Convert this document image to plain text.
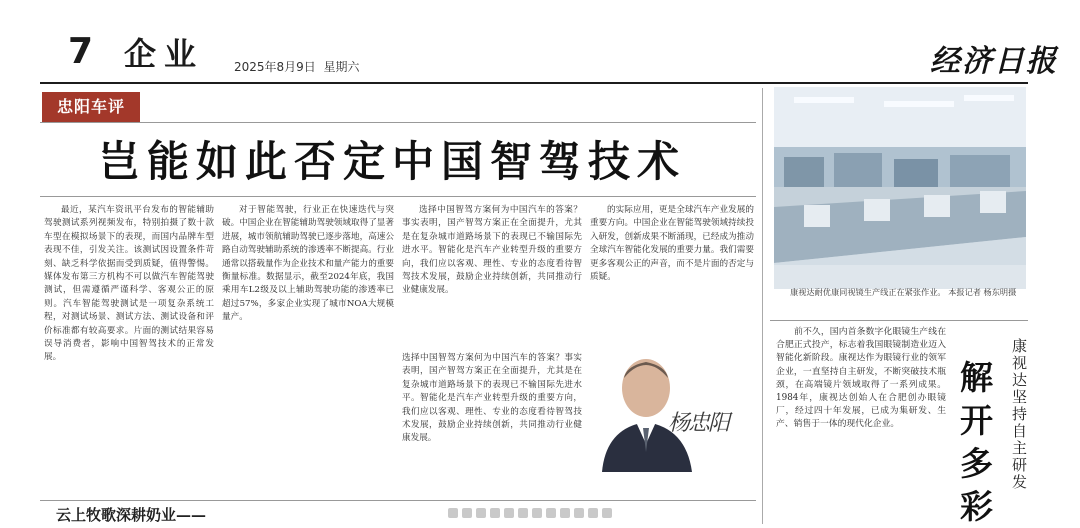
7 企业 2025年8月9日 星期六	经济日报
忠阳车评
岂能如此否定中国智驾技术
最近，某汽车资讯平台发布的智能辅助驾驶测试系列视频发布，特别拍摄了数十款车型在模拟场景下的表现，而国内品牌车型表现不佳，引发关注。该测试因设置条件苛刻、缺乏科学依据而受到质疑，值得警惕。媒体发布第三方机构不可以做汽车智能驾驶测试，但需遵循严谨科学、客观公正的原则。汽车智能驾驶测试是一项复杂系统工程，对测试场景、测试方法、测试设备和评价标准都有较高要求。片面的测试结果容易误导消费者，影响中国智驾技术的正常发展。
对于智能驾驶，行业正在快速迭代与突破。中国企业在智能辅助驾驶领域取得了显著进展，城市领航辅助驾驶已逐步落地，高速公路自动驾驶辅助系统的渗透率不断提高。行业通常以搭载量作为企业技术和量产能力的重要衡量标准。数据显示，截至2024年底，我国乘用车L2级及以上辅助驾驶功能的渗透率已超过57%，多家企业实现了城市NOA大规模量产。
选择中国智驾方案何为中国汽车的答案？事实表明，国产智驾方案正在全面提升，尤其是在复杂城市道路场景下的表现已不输国际先进水平。智能化是汽车产业转型升级的重要方向，我们应以客观、理性、专业的态度看待智驾技术发展，鼓励企业持续创新，共同推动行业健康发展。
的实际应用，更是全球汽车产业发展的重要方向。中国企业在智能驾驶领域持续投入研发，创新成果不断涌现，已经成为推动全球汽车智能化发展的重要力量。我们需要更多客观公正的声音，而不是片面的否定与质疑。
选择中国智驾方案何为中国汽车的答案？事实表明，国产智驾方案正在全面提升，尤其是在复杂城市道路场景下的表现已不输国际先进水平。智能化是汽车产业转型升级的重要方向，我们应以客观、理性、专业的态度看待智驾技术发展，鼓励企业持续创新，共同推动行业健康发展。
杨忠阳
康视达耐优康同视镜生产线正在紧张作业。 本报记者 杨东明摄
前不久，国内首条数字化眼镜生产线在合肥正式投产，标志着我国眼镜制造业迈入智能化新阶段。康视达作为眼镜行业的领军企业，一直坚持自主研发，不断突破技术瓶颈，在高端镜片领域取得了一系列成果。1984年，康视达创始人在合肥创办眼镜厂，经过四十年发展，已成为集研发、生产、销售于一体的现代化企业。
解开多彩
康视达坚持自主研发
云上牧歌深耕奶业——
